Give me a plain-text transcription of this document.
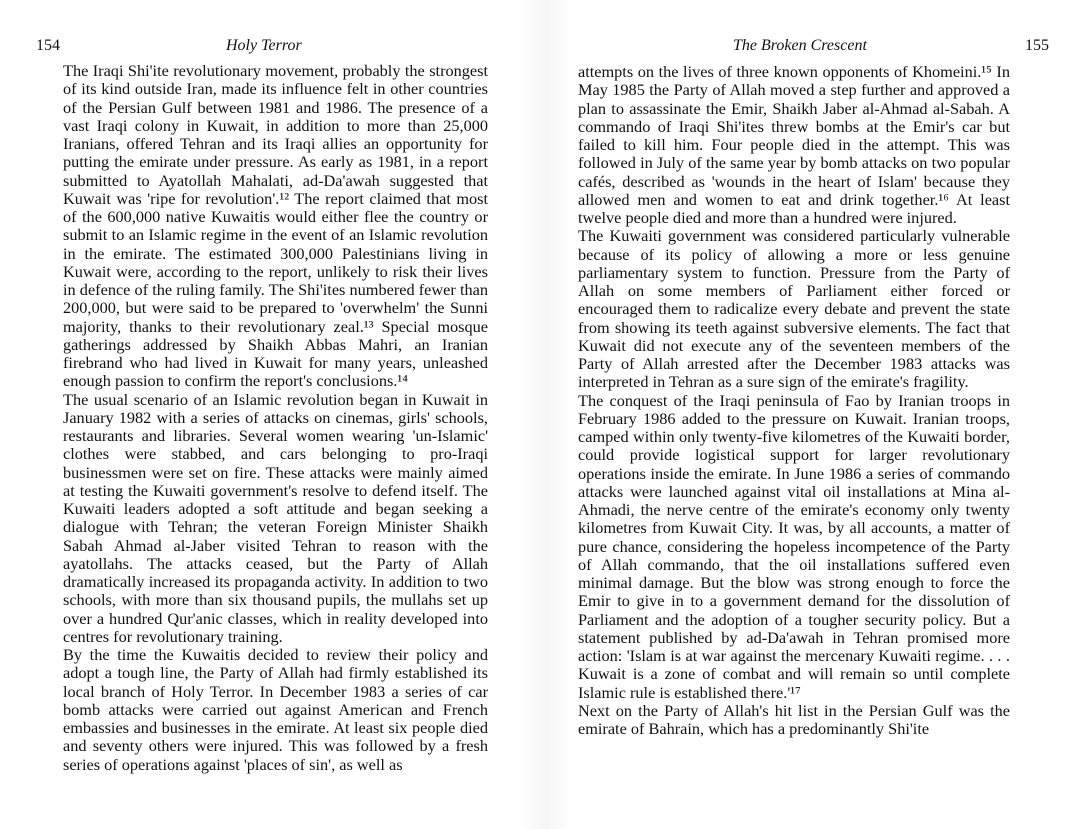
154	Holy Terror

The Iraqi Shi'ite revolutionary movement, probably the strongest of its kind outside Iran, made its influence felt in other countries of the Persian Gulf between 1981 and 1986. The presence of a vast Iraqi colony in Kuwait, in addition to more than 25,000 Iranians, offered Tehran and its Iraqi allies an opportunity for putting the emirate under pressure. As early as 1981, in a report submitted to Ayatollah Mahalati, ad-Da'awah suggested that Kuwait was 'ripe for revolution'.¹² The report claimed that most of the 600,000 native Kuwaitis would either flee the country or submit to an Islamic regime in the event of an Islamic revolution in the emirate. The estimated 300,000 Palestinians living in Kuwait were, according to the report, unlikely to risk their lives in defence of the ruling family. The Shi'ites numbered fewer than 200,000, but were said to be prepared to 'overwhelm' the Sunni majority, thanks to their revolutionary zeal.¹³ Special mosque gatherings addressed by Shaikh Abbas Mahri, an Iranian firebrand who had lived in Kuwait for many years, unleashed enough passion to confirm the report's conclusions.¹⁴

The usual scenario of an Islamic revolution began in Kuwait in January 1982 with a series of attacks on cinemas, girls' schools, restaurants and libraries. Several women wearing 'un-Islamic' clothes were stabbed, and cars belonging to pro-Iraqi businessmen were set on fire. These attacks were mainly aimed at testing the Kuwaiti government's resolve to defend itself. The Kuwaiti leaders adopted a soft attitude and began seeking a dialogue with Tehran; the veteran Foreign Minister Shaikh Sabah Ahmad al-Jaber visited Tehran to reason with the ayatollahs. The attacks ceased, but the Party of Allah dramatically increased its propaganda activity. In addition to two schools, with more than six thousand pupils, the mullahs set up over a hundred Qur'anic classes, which in reality developed into centres for revolutionary training.

By the time the Kuwaitis decided to review their policy and adopt a tough line, the Party of Allah had firmly established its local branch of Holy Terror. In December 1983 a series of car bomb attacks were carried out against American and French embassies and businesses in the emirate. At least six people died and seventy others were injured. This was followed by a fresh series of operations against 'places of sin', as well as

The Broken Crescent	155

attempts on the lives of three known opponents of Khomeini.¹⁵ In May 1985 the Party of Allah moved a step further and approved a plan to assassinate the Emir, Shaikh Jaber al-Ahmad al-Sabah. A commando of Iraqi Shi'ites threw bombs at the Emir's car but failed to kill him. Four people died in the attempt. This was followed in July of the same year by bomb attacks on two popular cafés, described as 'wounds in the heart of Islam' because they allowed men and women to eat and drink together.¹⁶ At least twelve people died and more than a hundred were injured.

The Kuwaiti government was considered particularly vulnerable because of its policy of allowing a more or less genuine parliamentary system to function. Pressure from the Party of Allah on some members of Parliament either forced or encouraged them to radicalize every debate and prevent the state from showing its teeth against subversive elements. The fact that Kuwait did not execute any of the seventeen members of the Party of Allah arrested after the December 1983 attacks was interpreted in Tehran as a sure sign of the emirate's fragility.

The conquest of the Iraqi peninsula of Fao by Iranian troops in February 1986 added to the pressure on Kuwait. Iranian troops, camped within only twenty-five kilometres of the Kuwaiti border, could provide logistical support for larger revolutionary operations inside the emirate. In June 1986 a series of commando attacks were launched against vital oil installations at Mina al-Ahmadi, the nerve centre of the emirate's economy only twenty kilometres from Kuwait City. It was, by all accounts, a matter of pure chance, considering the hopeless incompetence of the Party of Allah commando, that the oil installations suffered even minimal damage. But the blow was strong enough to force the Emir to give in to a government demand for the dissolution of Parliament and the adoption of a tougher security policy. But a statement published by ad-Da'awah in Tehran promised more action: 'Islam is at war against the mercenary Kuwaiti regime. . . . Kuwait is a zone of combat and will remain so until complete Islamic rule is established there.'¹⁷

Next on the Party of Allah's hit list in the Persian Gulf was the emirate of Bahrain, which has a predominantly Shi'ite
